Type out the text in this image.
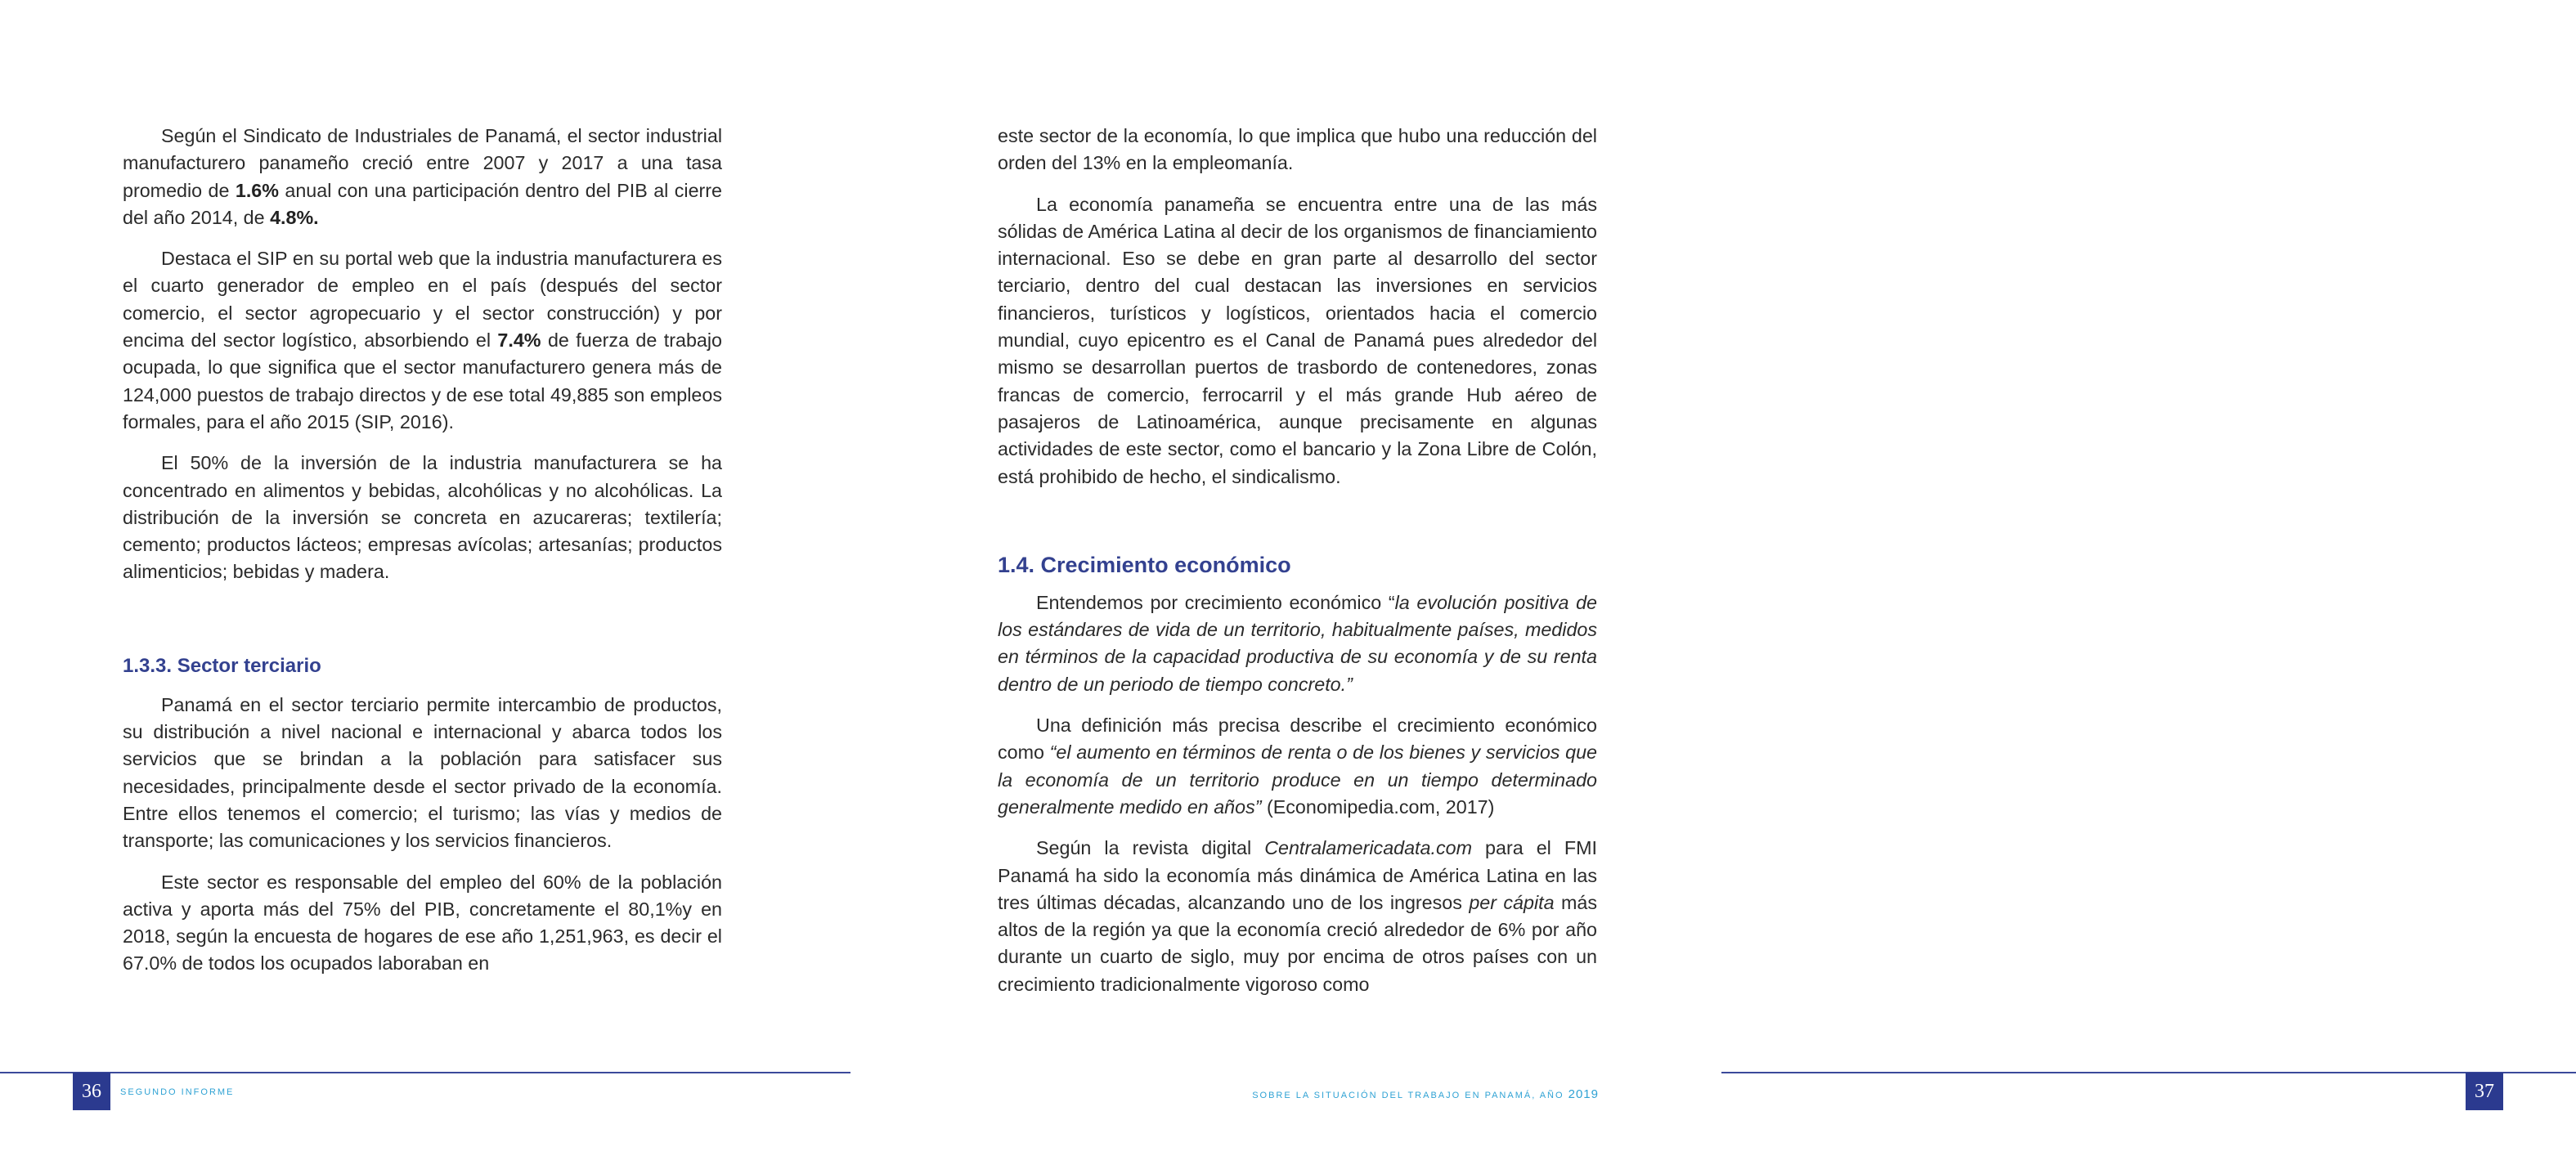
Según el Sindicato de Industriales de Panamá, el sector industrial manufacturero panameño creció entre 2007 y 2017 a una tasa promedio de 1.6% anual con una participación dentro del PIB al cierre del año 2014, de 4.8%.

Destaca el SIP en su portal web que la industria manufacturera es el cuarto generador de empleo en el país (después del sector comercio, el sector agropecuario y el sector construcción) y por encima del sector logístico, absorbiendo el 7.4% de fuerza de trabajo ocupada, lo que significa que el sector manufacturero genera más de 124,000 puestos de trabajo directos y de ese total 49,885 son empleos formales, para el año 2015 (SIP, 2016).

El 50% de la inversión de la industria manufacturera se ha concentrado en alimentos y bebidas, alcohólicas y no alcohólicas. La distribución de la inversión se concreta en azucareras; textilería; cemento; productos lácteos; empresas avícolas; artesanías; productos alimenticios; bebidas y madera.

1.3.3. Sector terciario

Panamá en el sector terciario permite intercambio de productos, su distribución a nivel nacional e internacional y abarca todos los servicios que se brindan a la población para satisfacer sus necesidades, principalmente desde el sector privado de la economía. Entre ellos tenemos el comercio; el turismo; las vías y medios de transporte; las comunicaciones y los servicios financieros.

Este sector es responsable del empleo del 60% de la población activa y aporta más del 75% del PIB, concretamente el 80,1%y en 2018, según la encuesta de hogares de ese año 1,251,963, es decir el 67.0% de todos los ocupados laboraban en

36	SEGUNDO INFORME

este sector de la economía, lo que implica que hubo una reducción del orden del 13% en la empleomanía.

La economía panameña se encuentra entre una de las más sólidas de América Latina al decir de los organismos de financiamiento internacional. Eso se debe en gran parte al desarrollo del sector terciario, dentro del cual destacan las inversiones en servicios financieros, turísticos y logísticos, orientados hacia el comercio mundial, cuyo epicentro es el Canal de Panamá pues alrededor del mismo se desarrollan puertos de trasbordo de contenedores, zonas francas de comercio, ferrocarril y el más grande Hub aéreo de pasajeros de Latinoamérica, aunque precisamente en algunas actividades de este sector, como el bancario y la Zona Libre de Colón, está prohibido de hecho, el sindicalismo.

1.4. Crecimiento económico

Entendemos por crecimiento económico “la evolución positiva de los estándares de vida de un territorio, habitualmente países, medidos en términos de la capacidad productiva de su economía y de su renta dentro de un periodo de tiempo concreto.”

Una definición más precisa describe el crecimiento económico como “el aumento en términos de renta o de los bienes y servicios que la economía de un territorio produce en un tiempo determinado generalmente medido en años” (Economipedia.com, 2017)

Según la revista digital Centralamericadata.com para el FMI Panamá ha sido la economía más dinámica de América Latina en las tres últimas décadas, alcanzando uno de los ingresos per cápita más altos de la región ya que la economía creció alrededor de 6% por año durante un cuarto de siglo, muy por encima de otros países con un crecimiento tradicionalmente vigoroso como

SOBRE LA SITUACIÓN DEL TRABAJO EN PANAMÁ, AÑO 2019	37
